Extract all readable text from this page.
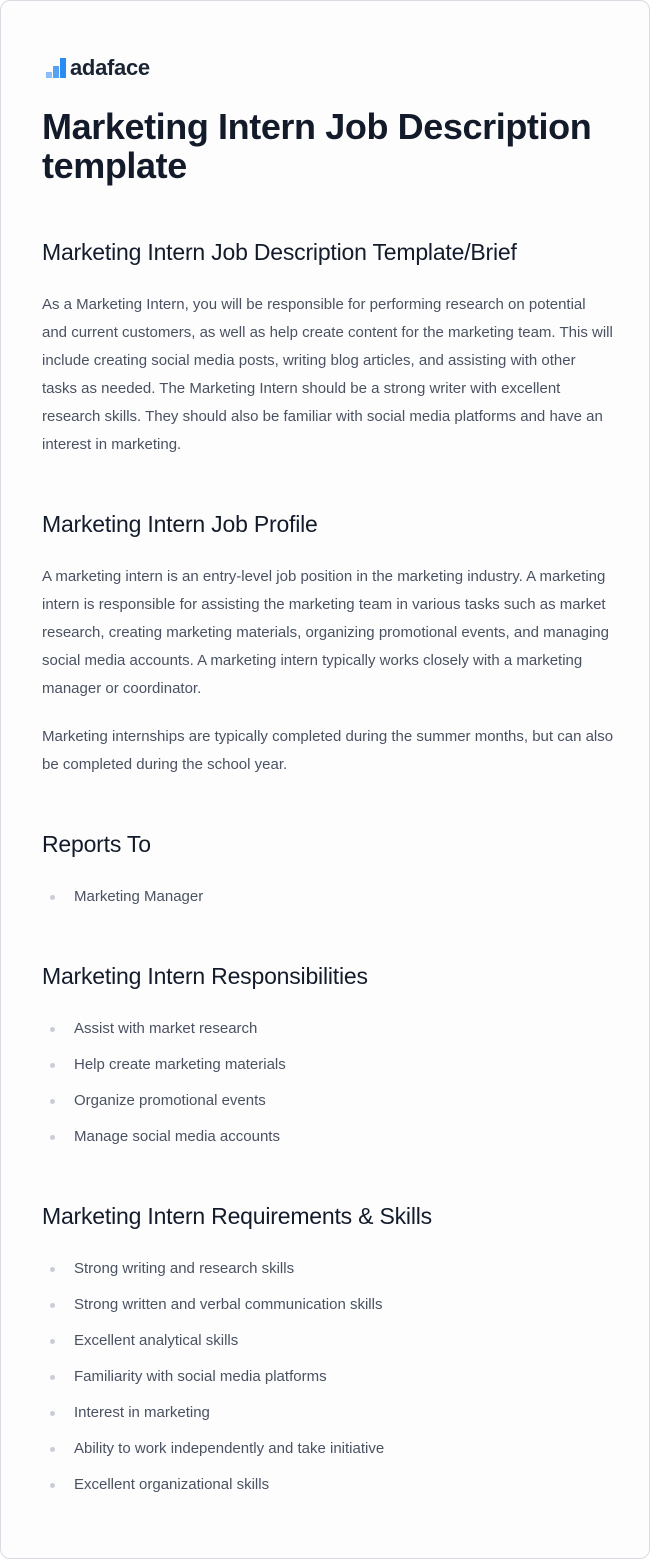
adaface
Marketing Intern Job Description template
Marketing Intern Job Description Template/Brief

As a Marketing Intern, you will be responsible for performing research on potential and current customers, as well as help create content for the marketing team. This will include creating social media posts, writing blog articles, and assisting with other tasks as needed. The Marketing Intern should be a strong writer with excellent research skills. They should also be familiar with social media platforms and have an interest in marketing.

Marketing Intern Job Profile

A marketing intern is an entry-level job position in the marketing industry. A marketing intern is responsible for assisting the marketing team in various tasks such as market research, creating marketing materials, organizing promotional events, and managing social media accounts. A marketing intern typically works closely with a marketing manager or coordinator.

Marketing internships are typically completed during the summer months, but can also be completed during the school year.

Reports To
Marketing Manager
Marketing Intern Responsibilities
Assist with market research
Help create marketing materials
Organize promotional events
Manage social media accounts
Marketing Intern Requirements & Skills
Strong writing and research skills
Strong written and verbal communication skills
Excellent analytical skills
Familiarity with social media platforms
Interest in marketing
Ability to work independently and take initiative
Excellent organizational skills
